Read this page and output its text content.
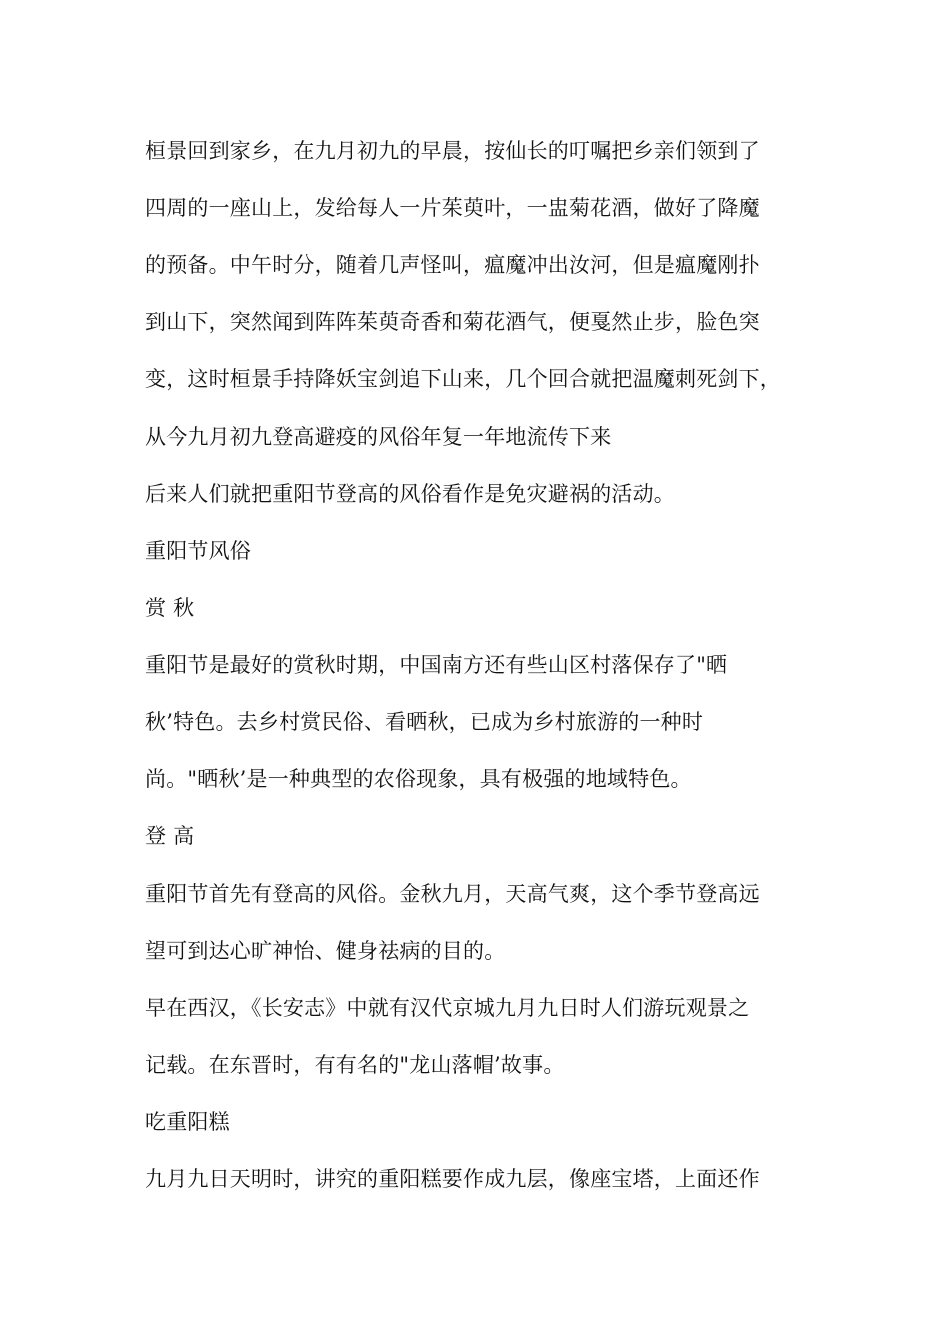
桓景回到家乡，在九月初九的早晨，按仙长的叮嘱把乡亲们领到了
四周的一座山上，发给每人一片茱萸叶，一盅菊花酒，做好了降魔
的预备。中午时分，随着几声怪叫，瘟魔冲出汝河，但是瘟魔刚扑
到山下，突然闻到阵阵茱萸奇香和菊花酒气，便戛然止步，脸色突
变，这时桓景手持降妖宝剑追下山来，几个回合就把温魔刺死剑下，
从今九月初九登高避疫的风俗年复一年地流传下来
后来人们就把重阳节登高的风俗看作是免灾避祸的活动。
重阳节风俗
赏 秋
重阳节是最好的赏秋时期，中国南方还有些山区村落保存了"晒
秋’特色。去乡村赏民俗、看晒秋，已成为乡村旅游的一种时
尚。"晒秋’是一种典型的农俗现象，具有极强的地域特色。
登 高
重阳节首先有登高的风俗。金秋九月，天高气爽，这个季节登高远
望可到达心旷神怡、健身祛病的目的。
早在西汉，《长安志》中就有汉代京城九月九日时人们游玩观景之
记载。在东晋时，有有名的"龙山落帽’故事。
吃重阳糕
九月九日天明时，讲究的重阳糕要作成九层，像座宝塔，上面还作
